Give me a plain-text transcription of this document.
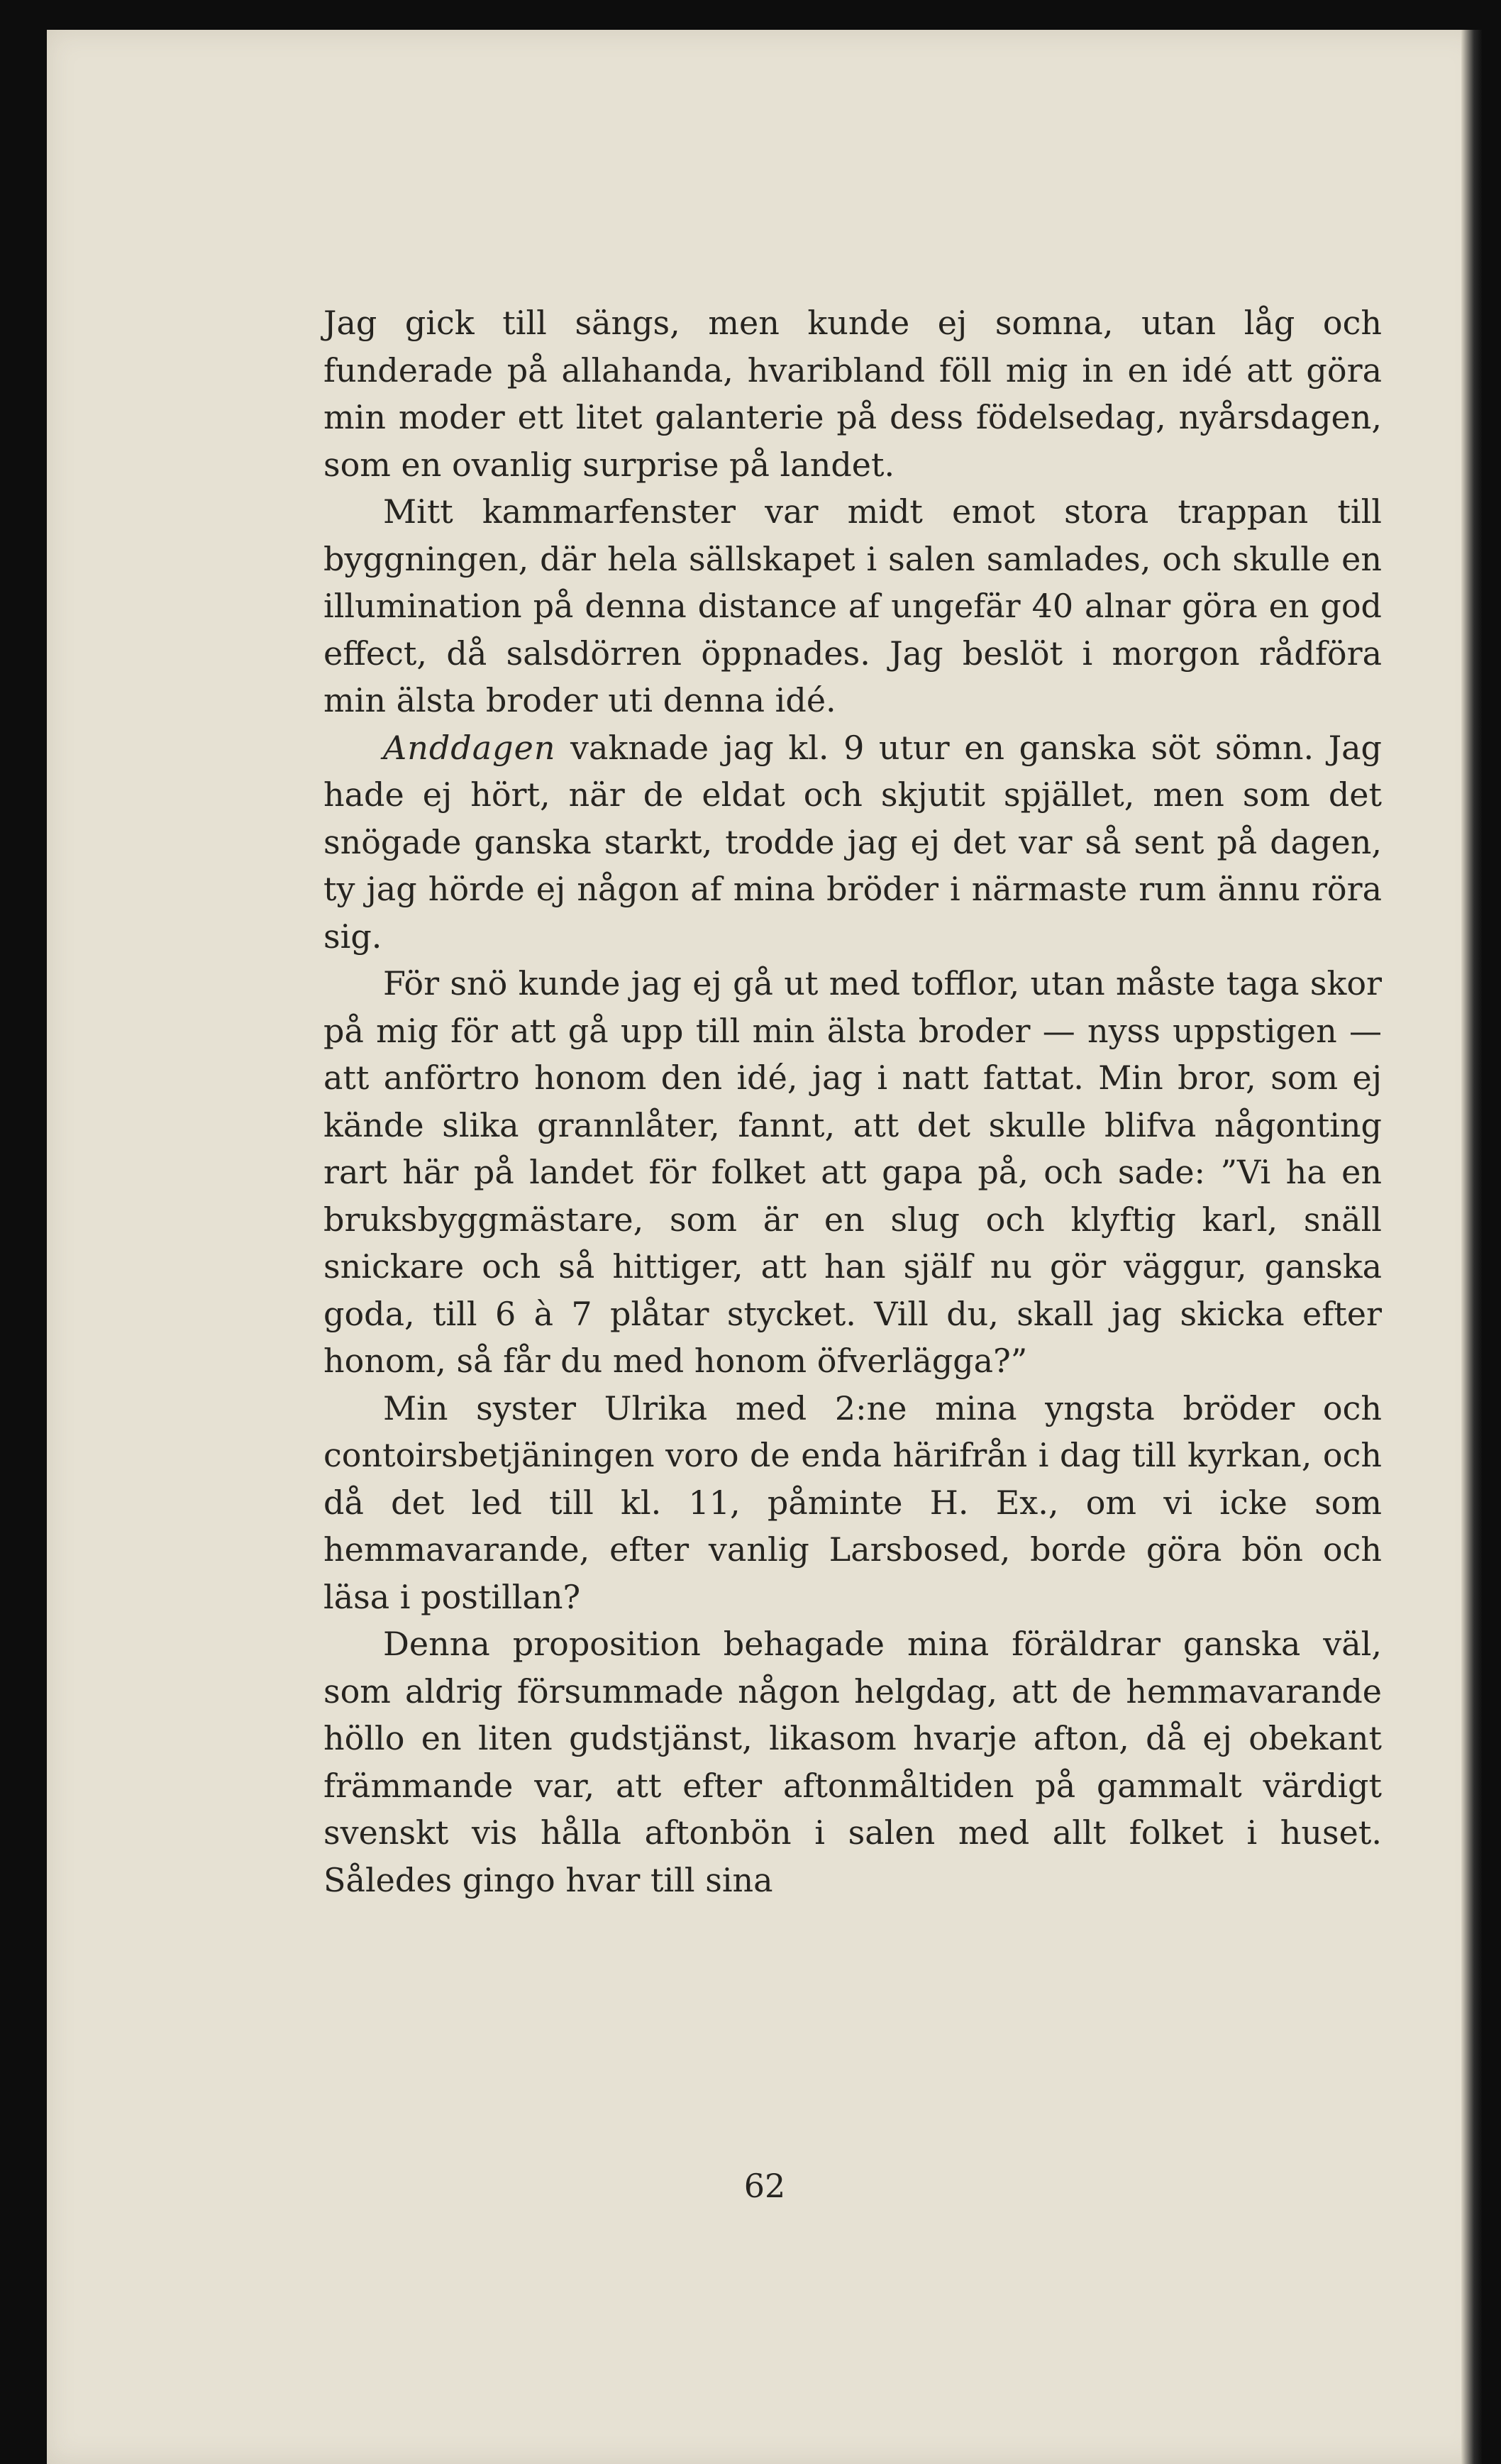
Jag gick till sängs, men kunde ej somna, utan låg och funderade på allahanda, hvaribland föll mig in en idé att göra min moder ett litet galanterie på dess födelsedag, nyårsdagen, som en ovanlig surprise på landet.

Mitt kammarfenster var midt emot stora trappan till byggningen, där hela sällskapet i salen samlades, och skulle en illumination på denna distance af ungefär 40 alnar göra en god effect, då salsdörren öppnades. Jag beslöt i morgon rådföra min älsta broder uti denna idé.

Anddagen vaknade jag kl. 9 utur en ganska söt sömn. Jag hade ej hört, när de eldat och skjutit spjället, men som det snögade ganska starkt, trodde jag ej det var så sent på dagen, ty jag hörde ej någon af mina bröder i närmaste rum ännu röra sig.

För snö kunde jag ej gå ut med tofflor, utan måste taga skor på mig för att gå upp till min älsta broder — nyss uppstigen — att anförtro honom den idé, jag i natt fattat. Min bror, som ej kände slika grannlåter, fannt, att det skulle blifva någonting rart här på landet för folket att gapa på, och sade: ”Vi ha en bruksbyggmästare, som är en slug och klyftig karl, snäll snickare och så hittiger, att han själf nu gör väggur, ganska goda, till 6 à 7 plåtar stycket. Vill du, skall jag skicka efter honom, så får du med honom öfverlägga?”

Min syster Ulrika med 2:ne mina yngsta bröder och contoirsbetjäningen voro de enda härifrån i dag till kyrkan, och då det led till kl. 11, påminte H. Ex., om vi icke som hemmavarande, efter vanlig Larsbosed, borde göra bön och läsa i postillan?

Denna proposition behagade mina föräldrar ganska väl, som aldrig försummade någon helgdag, att de hemmavarande höllo en liten gudstjänst, likasom hvarje afton, då ej obekant främmande var, att efter aftonmåltiden på gammalt värdigt svenskt vis hålla aftonbön i salen med allt folket i huset. Således gingo hvar till sina

62
